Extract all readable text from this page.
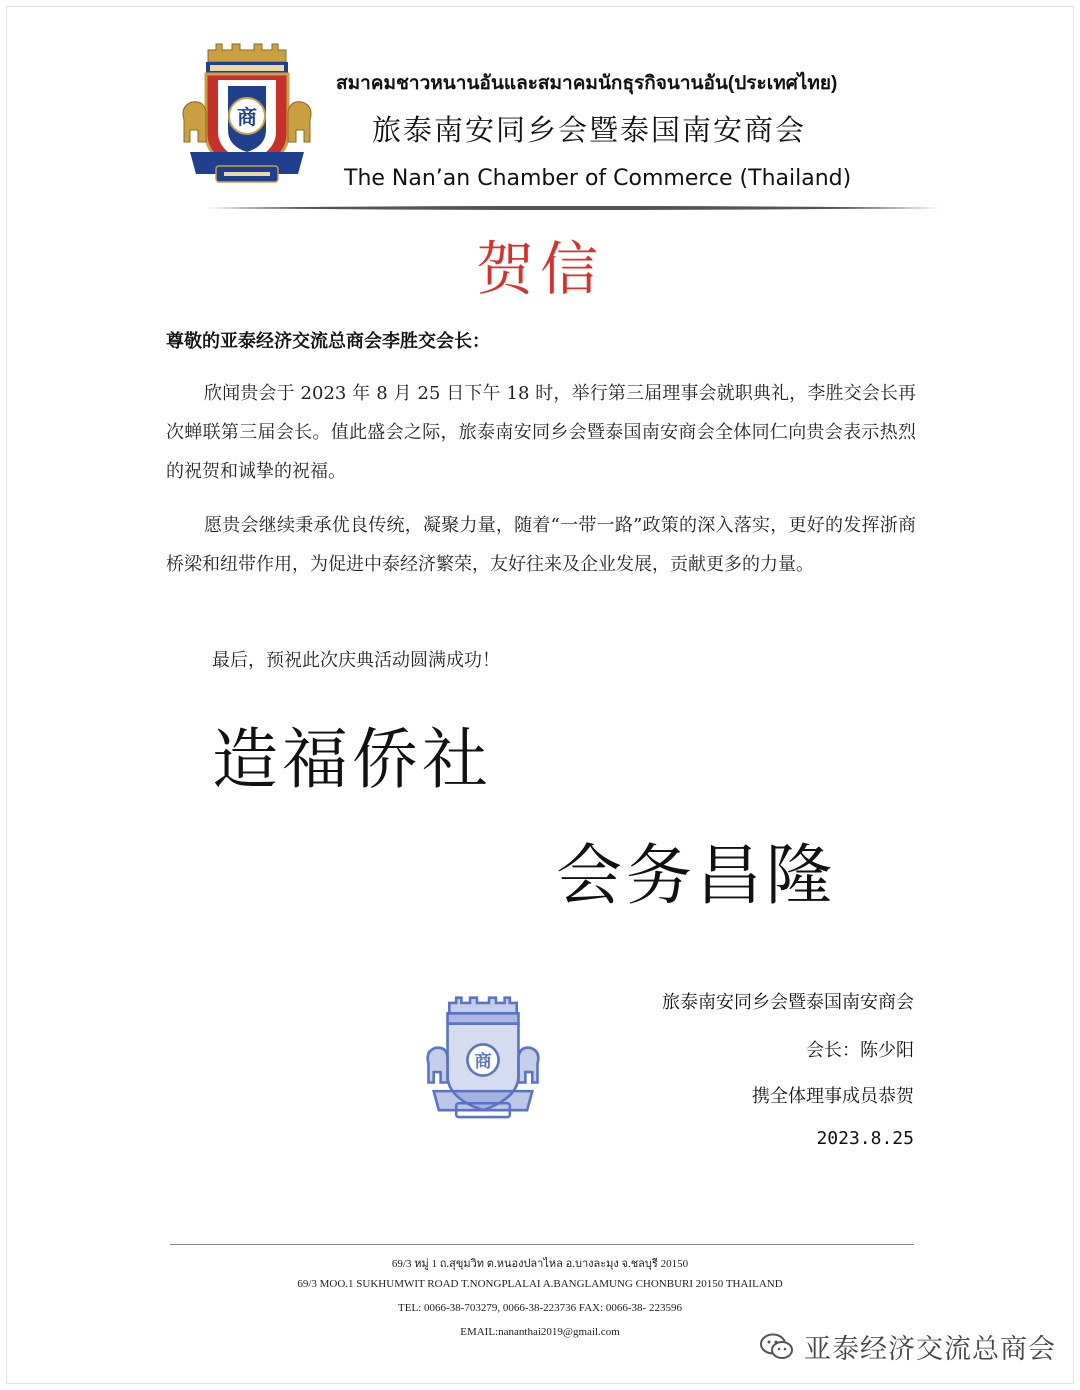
商
สมาคมชาวหนานอันและสมาคมนักธุรกิจนานอัน(ประเทศไทย)
旅泰南安同乡会暨泰国南安商会
The Nan’an Chamber of Commerce (Thailand)
贺信
尊敬的亚泰经济交流总商会李胜交会长：
欣闻贵会于 2023 年 8 月 25 日下午 18 时，举行第三届理事会就职典礼，李胜交会长再次蝉联第三届会长。值此盛会之际，旅泰南安同乡会暨泰国南安商会全体同仁向贵会表示热烈的祝贺和诚挚的祝福。
愿贵会继续秉承优良传统，凝聚力量，随着“一带一路”政策的深入落实，更好的发挥浙商桥梁和纽带作用，为促进中泰经济繁荣，友好往来及企业发展，贡献更多的力量。
最后，预祝此次庆典活动圆满成功！
造福侨社
会务昌隆
商
旅泰南安同乡会暨泰国南安商会
会长：陈少阳
携全体理事成员恭贺
2023.8.25
69/3 หมู่ 1 ถ.สุขุมวิท ต.หนองปลาไหล อ.บางละมุง จ.ชลบุรี 20150
69/3 MOO.1 SUKHUMWIT ROAD T.NONGPLALAI A.BANGLAMUNG CHONBURI 20150 THAILAND
TEL: 0066-38-703279, 0066-38-223736 FAX: 0066-38- 223596
EMAIL:nananthai2019@gmail.com
亚泰经济交流总商会
